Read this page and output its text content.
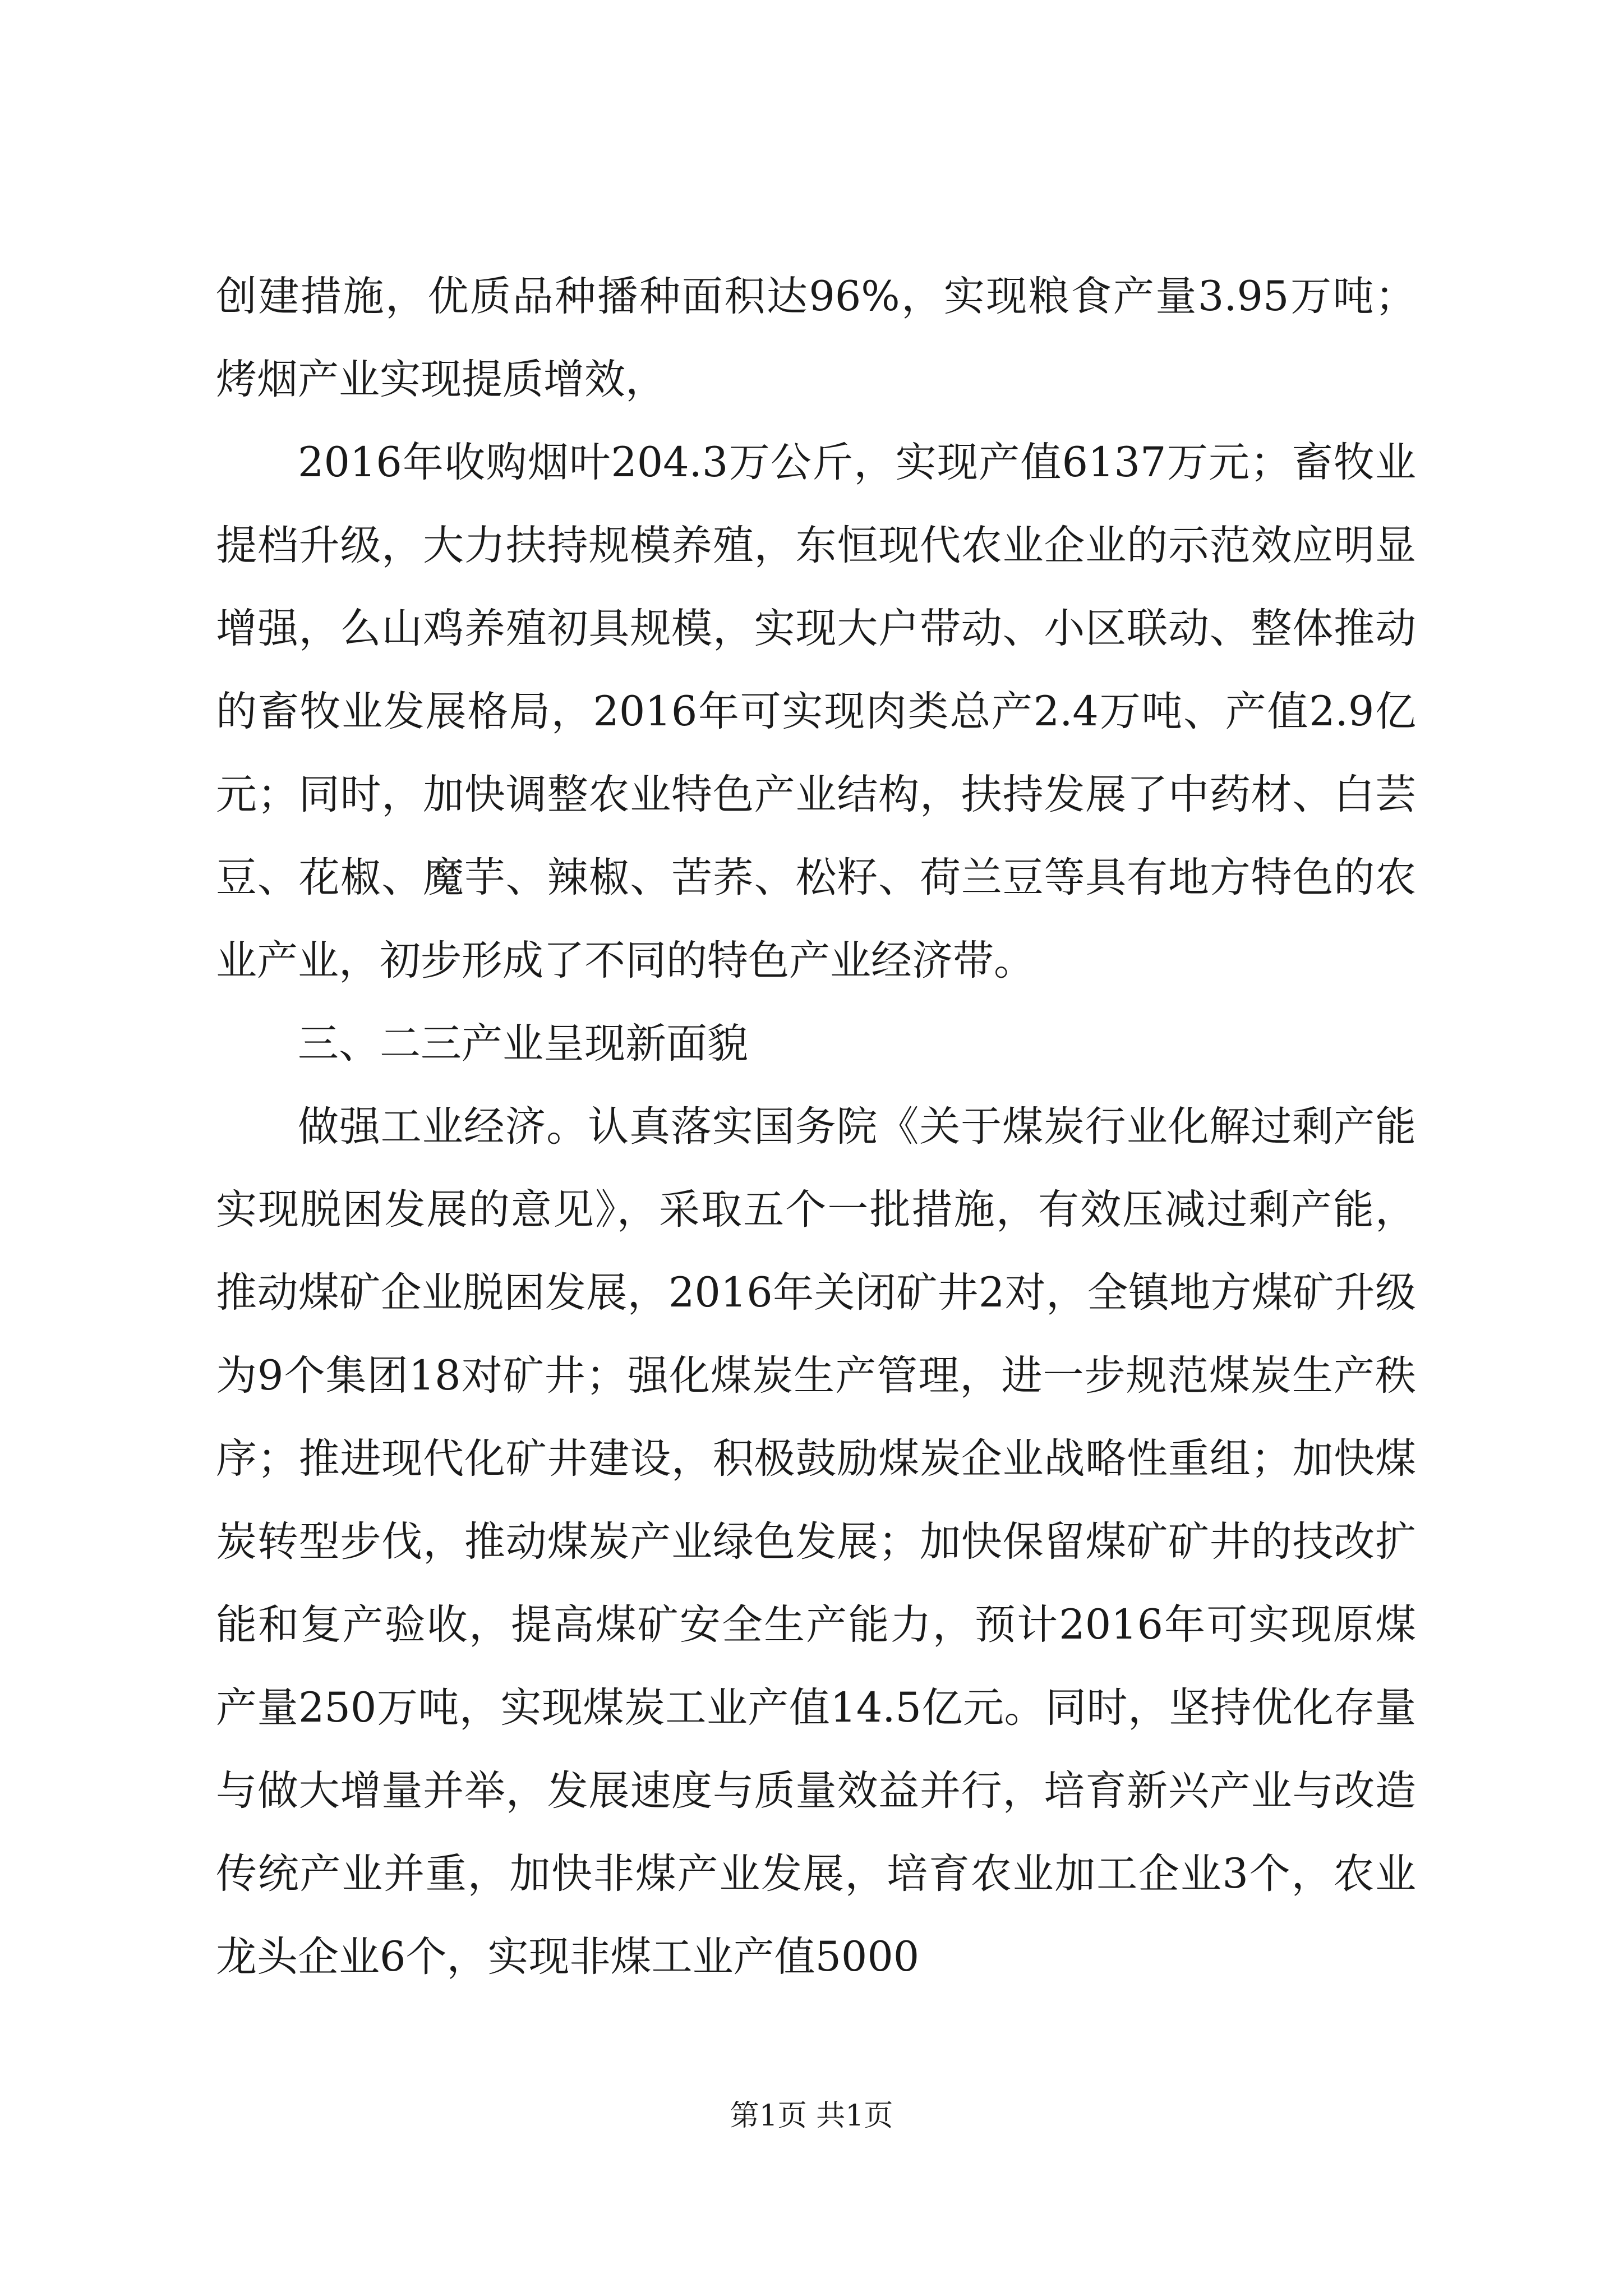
创建措施，优质品种播种面积达96%，实现粮食产量3.95万吨；烤烟产业实现提质增效，

2016年收购烟叶204.3万公斤，实现产值6137万元；畜牧业提档升级，大力扶持规模养殖，东恒现代农业企业的示范效应明显增强，么山鸡养殖初具规模，实现大户带动、小区联动、整体推动的畜牧业发展格局，2016年可实现肉类总产2.4万吨、产值2.9亿元；同时，加快调整农业特色产业结构，扶持发展了中药材、白芸豆、花椒、魔芋、辣椒、苦荞、松籽、荷兰豆等具有地方特色的农业产业，初步形成了不同的特色产业经济带。

三、二三产业呈现新面貌

做强工业经济。认真落实国务院《关于煤炭行业化解过剩产能实现脱困发展的意见》，采取五个一批措施，有效压减过剩产能，推动煤矿企业脱困发展，2016年关闭矿井2对，全镇地方煤矿升级为9个集团18对矿井；强化煤炭生产管理，进一步规范煤炭生产秩序；推进现代化矿井建设，积极鼓励煤炭企业战略性重组；加快煤炭转型步伐，推动煤炭产业绿色发展；加快保留煤矿矿井的技改扩能和复产验收，提高煤矿安全生产能力，预计2016年可实现原煤产量250万吨，实现煤炭工业产值14.5亿元。同时，坚持优化存量与做大增量并举，发展速度与质量效益并行，培育新兴产业与改造传统产业并重，加快非煤产业发展，培育农业加工企业3个，农业龙头企业6个，实现非煤工业产值5000

第1页 共1页
